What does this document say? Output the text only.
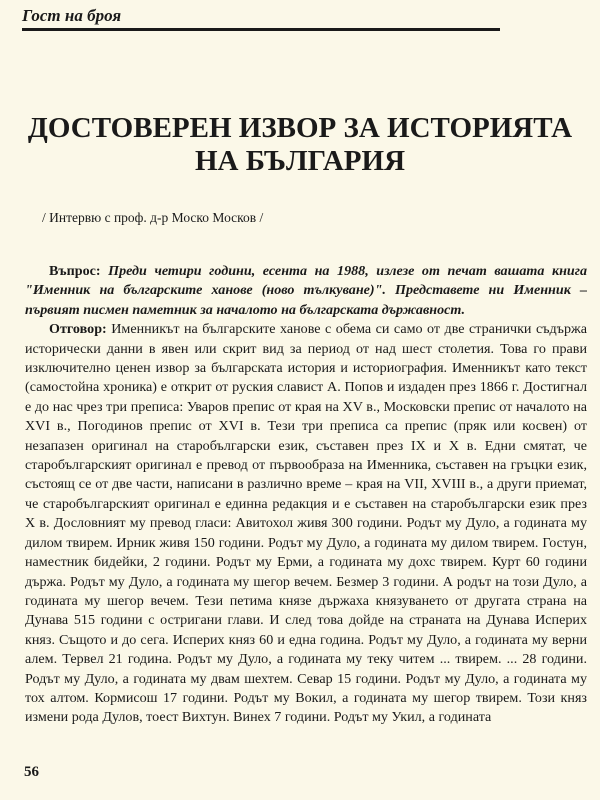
Гост на броя
ДОСТОВЕРЕН ИЗВОР ЗА ИСТОРИЯТА
НА БЪЛГАРИЯ
/ Интервю с проф. д-р Моско Москов /

Въпрос: Преди четири години, есента на 1988, излезе от печат вашата книга "Именник на българските ханове (ново тълкуване)". Представете ни Именник – първият писмен паметник за началото на българската държавност.

Отговор: Именникът на българските ханове с обема си само от две странички съдържа исторически данни в явен или скрит вид за период от над шест столетия. Това го прави изключително ценен извор за българската история и историография. Именникът като текст (самостойна хроника) е открит от руския славист А. Попов и издаден през 1866 г. Достигнал е до нас чрез три преписа: Уваров препис от края на XV в., Московски препис от началото на XVI в., Погодинов препис от XVI в. Тези три преписа са препис (пряк или косвен) от незапазен оригинал на старобългарски език, съставен през IX и X в. Едни смятат, че старобългарският оригинал е превод от първообраза на Именника, съставен на гръцки език, състоящ се от две части, написани в различно време – края на VII, XVIII в., а други приемат, че старобългарският оригинал е единна редакция и е съставен на старобългарски език през X в. Дословният му превод гласи: Авитохол живя 300 години. Родът му Дуло, а годината му дилом твирем. Ирник живя 150 години. Родът му Дуло, а годината му дилом твирем. Гостун, наместник бидейки, 2 години. Родът му Ерми, а годината му дохс твирем. Курт 60 години държа. Родът му Дуло, а годината му шегор вечем. Безмер 3 години. А родът на този Дуло, а годината му шегор вечем. Тези петима князе държаха князуването от другата страна на Дунава 515 години с остригани глави. И след това дойде на страната на Дунава Исперих княз. Същото и до сега. Исперих княз 60 и една година. Родът му Дуло, а годината му верни алем. Тервел 21 година. Родът му Дуло, а годината му теку читем ... твирем. ... 28 години. Родът му Дуло, а годината му двам шехтем. Севар 15 години. Родът му Дуло, а годината му тох алтом. Кормисош 17 години. Родът му Вокил, а годината му шегор твирем. Този княз измени рода Дулов, тоест Вихтун. Винех 7 години. Родът му Укил, а годината

56
